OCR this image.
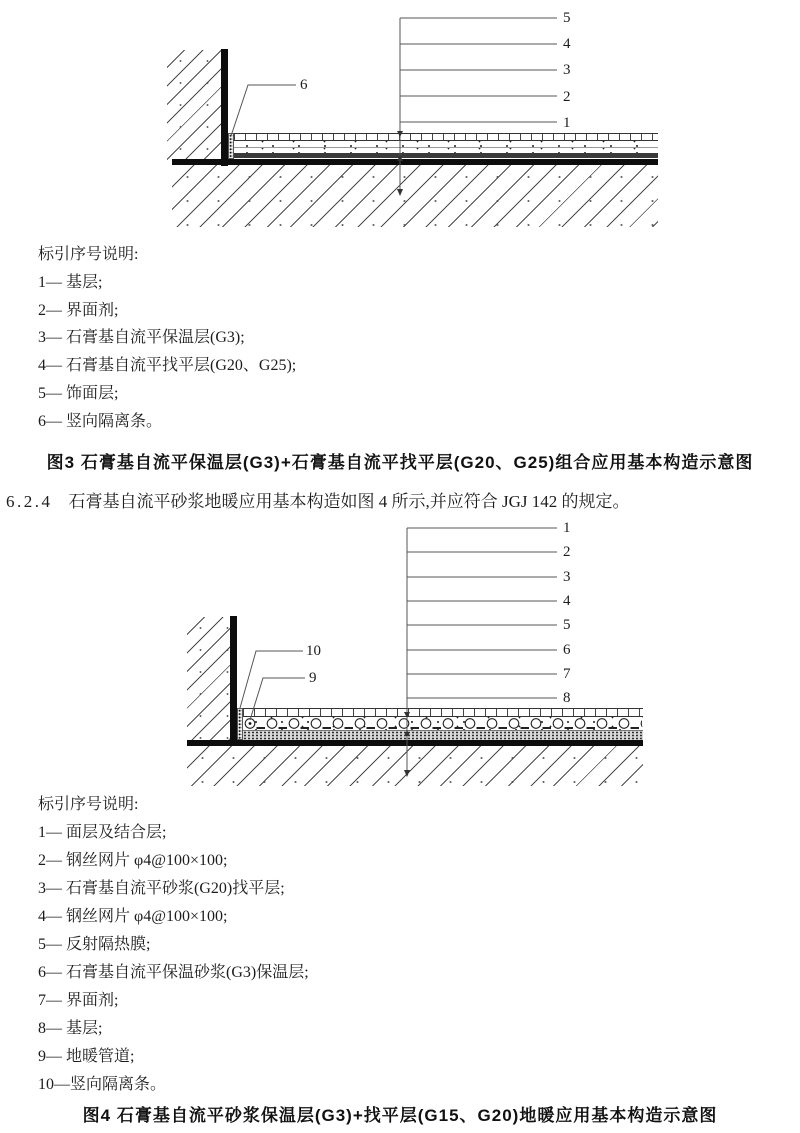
5
4
3
2
1
6
标引序号说明:
1— 基层;
2— 界面剂;
3— 石膏基自流平保温层(G3);
4— 石膏基自流平找平层(G20、G25);
5— 饰面层;
6— 竖向隔离条。
图3 石膏基自流平保温层(G3)+石膏基自流平找平层(G20、G25)组合应用基本构造示意图
6.2.4 石膏基自流平砂浆地暖应用基本构造如图 4 所示,并应符合 JGJ 142 的规定。
1
2
3
4
5
6
7
8
10
9
标引序号说明:
1— 面层及结合层;
2— 钢丝网片 φ4@100×100;
3— 石膏基自流平砂浆(G20)找平层;
4— 钢丝网片 φ4@100×100;
5— 反射隔热膜;
6— 石膏基自流平保温砂浆(G3)保温层;
7— 界面剂;
8— 基层;
9— 地暖管道;
10—竖向隔离条。
图4 石膏基自流平砂浆保温层(G3)+找平层(G15、G20)地暖应用基本构造示意图
